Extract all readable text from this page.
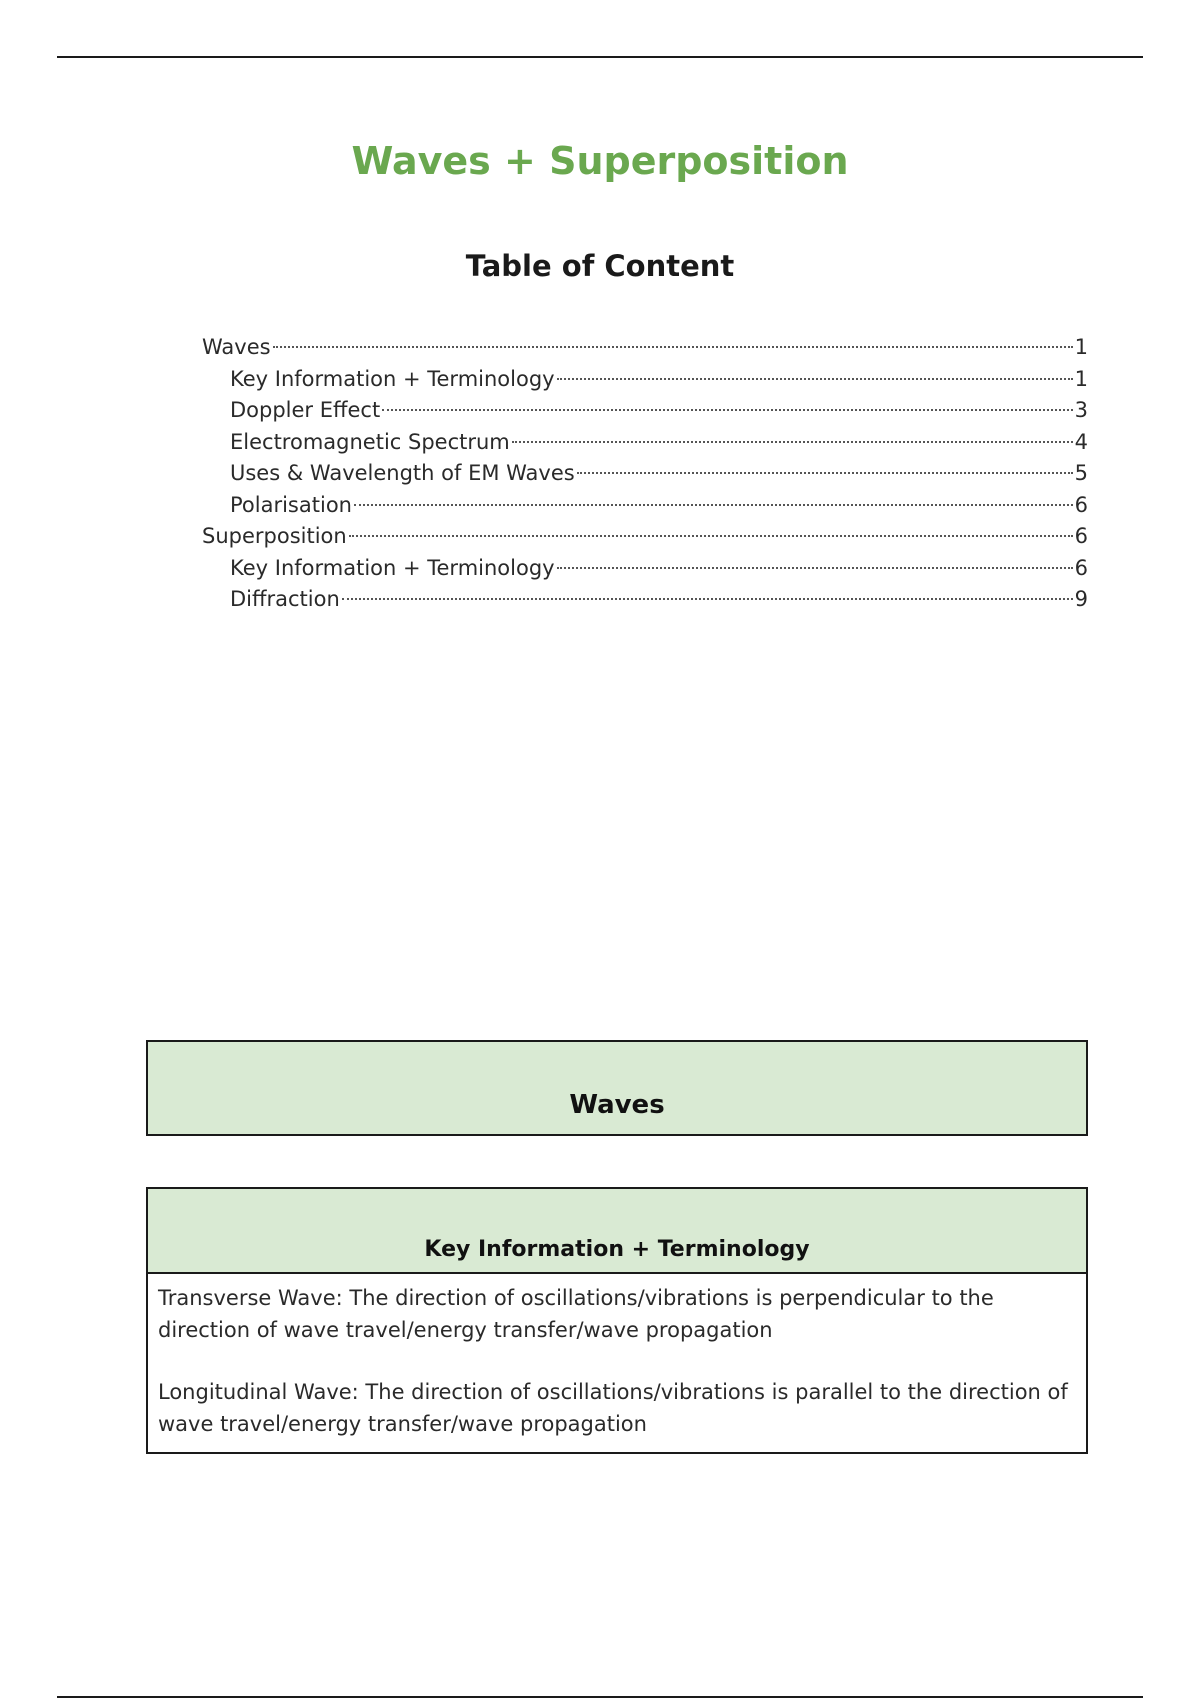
Waves + Superposition
Table of Content
Waves	1
Key Information + Terminology	1
Doppler Effect	3
Electromagnetic Spectrum	4
Uses & Wavelength of EM Waves	5
Polarisation	6
Superposition	6
Key Information + Terminology	6
Diffraction	9
Waves
Key Information + Terminology

Transverse Wave: The direction of oscillations/vibrations is perpendicular to the direction of wave travel/energy transfer/wave propagation

Longitudinal Wave: The direction of oscillations/vibrations is parallel to the direction of wave travel/energy transfer/wave propagation
